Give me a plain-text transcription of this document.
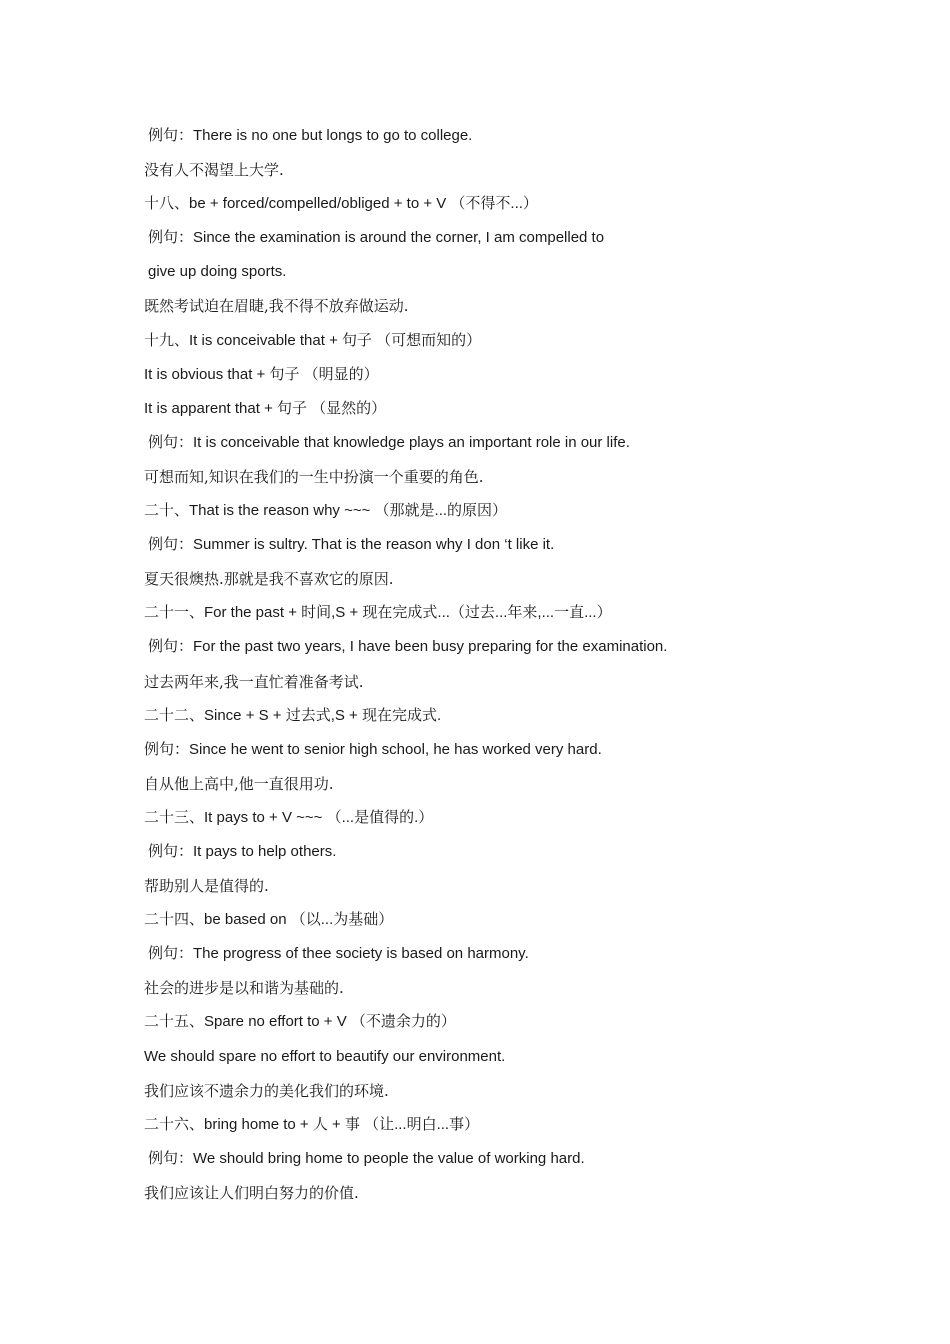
例句：There is no one but longs to go to college.
没有人不渴望上大学.
十八、be + forced/compelled/obliged + to + V （不得不...）
例句：Since the examination is around the corner, I am compelled to
give up doing sports.
既然考试迫在眉睫,我不得不放弃做运动.
十九、It is conceivable that + 句子 （可想而知的）
It is obvious that + 句子 （明显的）
It is apparent that + 句子 （显然的）
例句：It is conceivable that knowledge plays an important role in our life.
可想而知,知识在我们的一生中扮演一个重要的角色.
二十、That is the reason why ~~~ （那就是...的原因）
例句：Summer is sultry. That is the reason why I don ‘t like it.
夏天很燠热.那就是我不喜欢它的原因.
二十一、For the past + 时间,S + 现在完成式...（过去...年来,...一直...）
例句：For the past two years, I have been busy preparing for the examination.
过去两年来,我一直忙着准备考试.
二十二、Since + S + 过去式,S + 现在完成式.
例句：Since he went to senior high school, he has worked very hard.
自从他上高中,他一直很用功.
二十三、It pays to + V ~~~ （...是值得的.）
例句：It pays to help others.
帮助别人是值得的.
二十四、be based on （以...为基础）
例句：The progress of thee society is based on harmony.
社会的进步是以和谐为基础的.
二十五、Spare no effort to + V （不遗余力的）
We should spare no effort to beautify our environment.
我们应该不遗余力的美化我们的环境.
二十六、bring home to + 人 + 事 （让...明白...事）
例句：We should bring home to people the value of working hard.
我们应该让人们明白努力的价值.
